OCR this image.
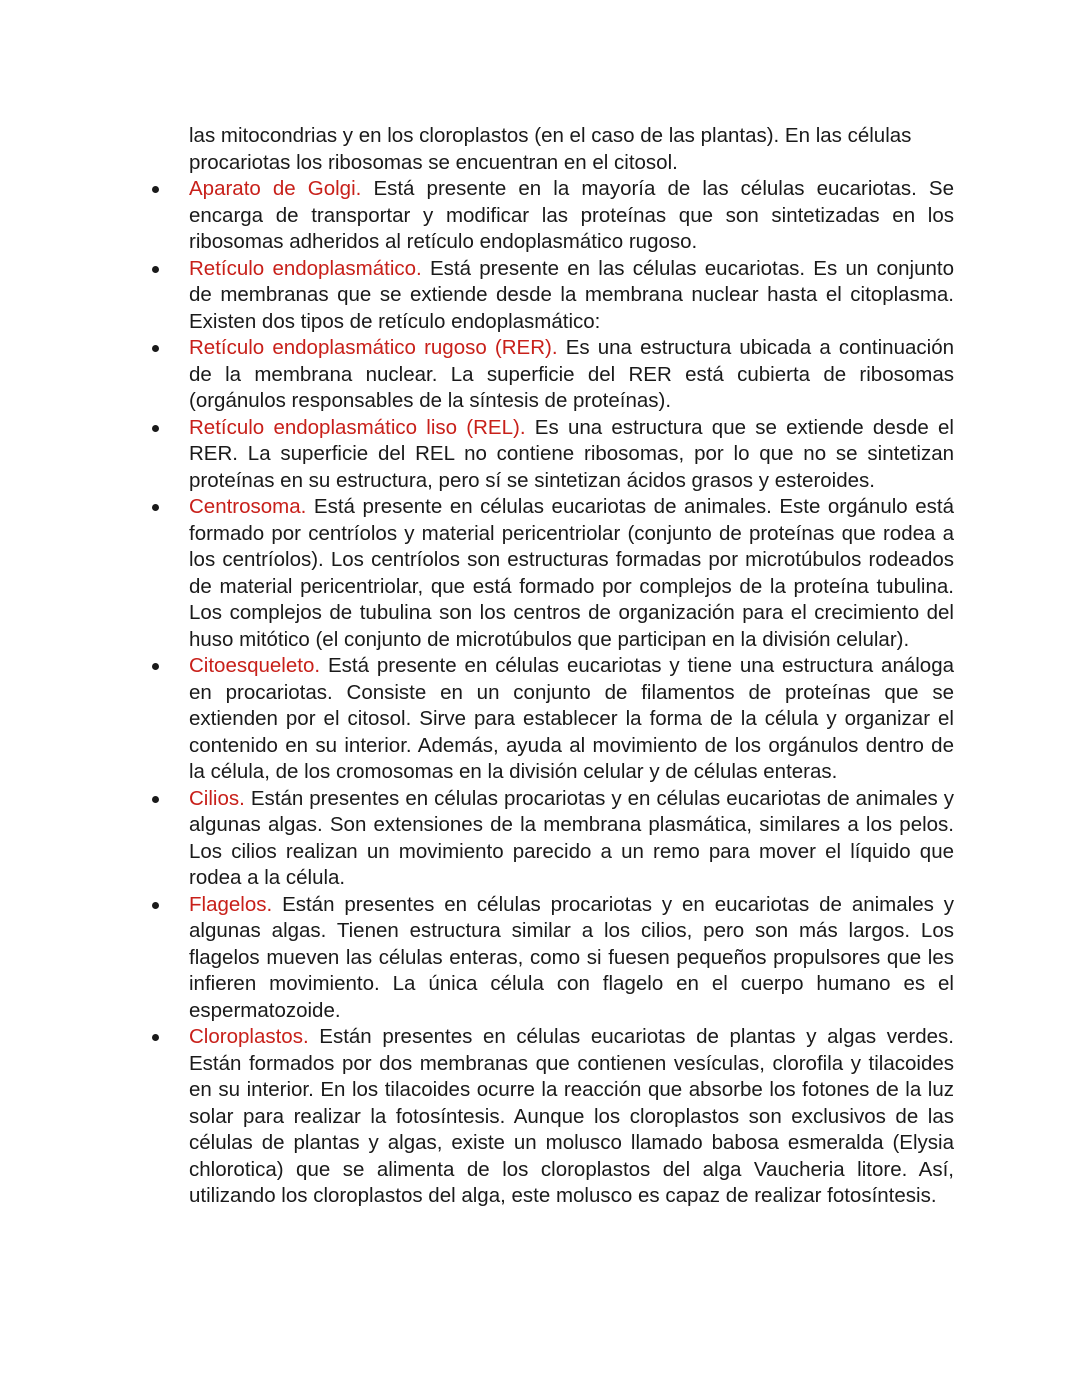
las mitocondrias y en los cloroplastos (en el caso de las plantas). En las células procariotas los ribosomas se encuentran en el citosol.

Aparato de Golgi. Está presente en la mayoría de las células eucariotas. Se encarga de transportar y modificar las proteínas que son sintetizadas en los ribosomas adheridos al retículo endoplasmático rugoso.
Retículo endoplasmático. Está presente en las células eucariotas. Es un conjunto de membranas que se extiende desde la membrana nuclear hasta el citoplasma. Existen dos tipos de retículo endoplasmático:
Retículo endoplasmático rugoso (RER). Es una estructura ubicada a continuación de la membrana nuclear. La superficie del RER está cubierta de ribosomas (orgánulos responsables de la síntesis de proteínas).
Retículo endoplasmático liso (REL). Es una estructura que se extiende desde el RER. La superficie del REL no contiene ribosomas, por lo que no se sintetizan proteínas en su estructura, pero sí se sintetizan ácidos grasos y esteroides.
Centrosoma. Está presente en células eucariotas de animales. Este orgánulo está formado por centríolos y material pericentriolar (conjunto de proteínas que rodea a los centríolos). Los centríolos son estructuras formadas por microtúbulos rodeados de material pericentriolar, que está formado por complejos de la proteína tubulina. Los complejos de tubulina son los centros de organización para el crecimiento del huso mitótico (el conjunto de microtúbulos que participan en la división celular).
Citoesqueleto. Está presente en células eucariotas y tiene una estructura análoga en procariotas. Consiste en un conjunto de filamentos de proteínas que se extienden por el citosol. Sirve para establecer la forma de la célula y organizar el contenido en su interior. Además, ayuda al movimiento de los orgánulos dentro de la célula, de los cromosomas en la división celular y de células enteras.
Cilios. Están presentes en células procariotas y en células eucariotas de animales y algunas algas. Son extensiones de la membrana plasmática, similares a los pelos. Los cilios realizan un movimiento parecido a un remo para mover el líquido que rodea a la célula.
Flagelos. Están presentes en células procariotas y en eucariotas de animales y algunas algas. Tienen estructura similar a los cilios, pero son más largos. Los flagelos mueven las células enteras, como si fuesen pequeños propulsores que les infieren movimiento. La única célula con flagelo en el cuerpo humano es el espermatozoide.
Cloroplastos. Están presentes en células eucariotas de plantas y algas verdes. Están formados por dos membranas que contienen vesículas, clorofila y tilacoides en su interior. En los tilacoides ocurre la reacción que absorbe los fotones de la luz solar para realizar la fotosíntesis. Aunque los cloroplastos son exclusivos de las células de plantas y algas, existe un molusco llamado babosa esmeralda (Elysia chlorotica) que se alimenta de los cloroplastos del alga Vaucheria litore. Así, utilizando los cloroplastos del alga, este molusco es capaz de realizar fotosíntesis.
